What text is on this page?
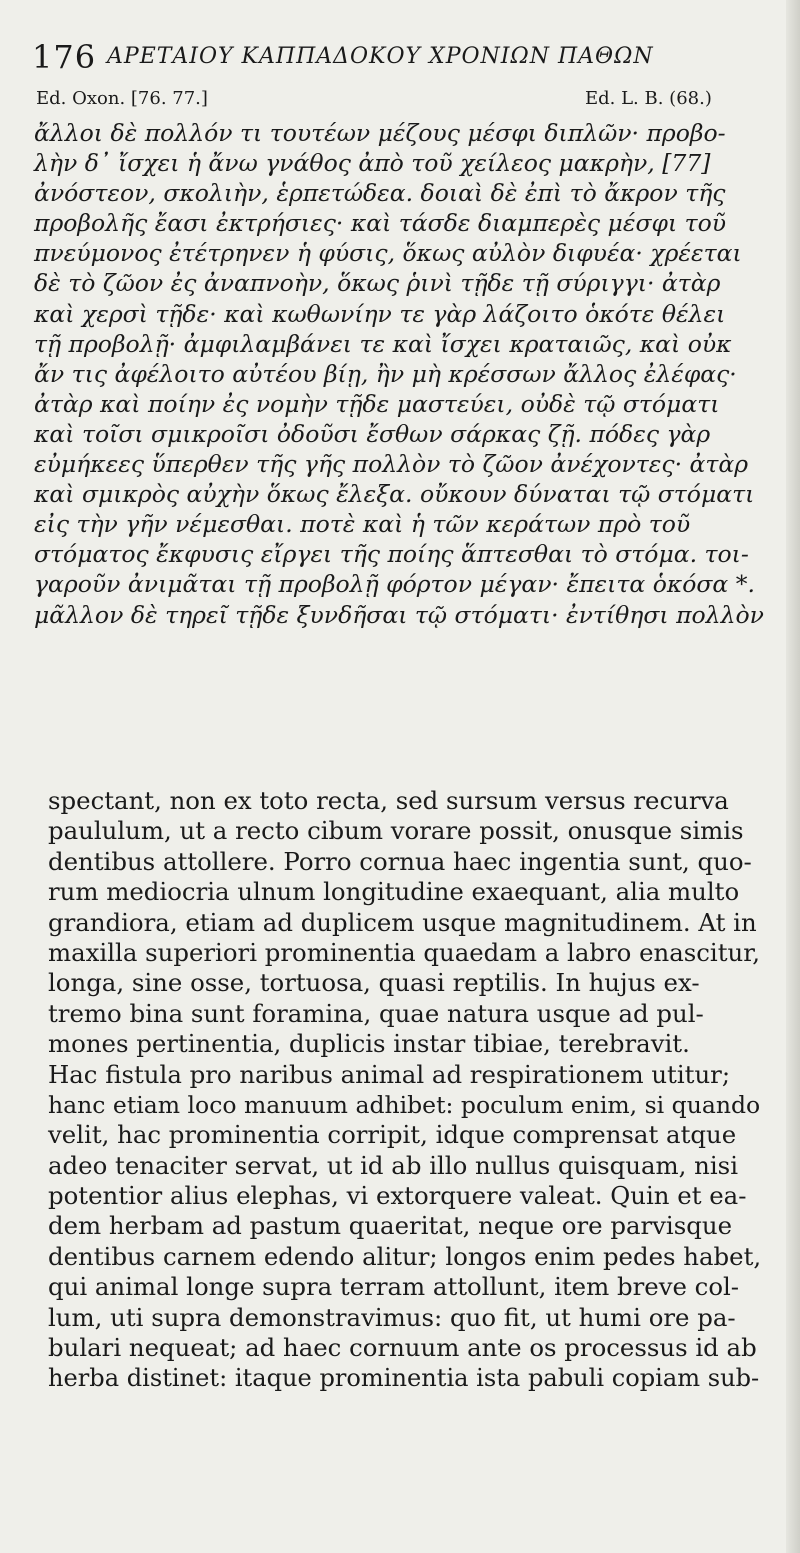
176 ΑΡΕΤΑΙΟΥ ΚΑΠΠΑΔΟΚΟΥ ΧΡΟΝΙΩΝ ΠΑΘΩΝ
Ed. Oxon. [76. 77.]	Ed. L. B. (68.)
ἄλλοι δὲ πολλόν τι τουτέων μέζους μέσφι διπλῶν· προβο-
λὴν δ᾽ ἴσχει ἡ ἄνω γνάθος ἀπὸ τοῦ χείλεος μακρὴν, [77]
ἀνόστεον, σκολιὴν, ἑρπετώδεα. δοιαὶ δὲ ἐπὶ τὸ ἄκρον τῆς
προβολῆς ἔασι ἐκτρήσιες· καὶ τάσδε διαμπερὲς μέσφι τοῦ
πνεύμονος ἐτέτρηνεν ἡ φύσις, ὅκως αὐλὸν διφυέα· χρέεται
δὲ τὸ ζῶον ἐς ἀναπνοὴν, ὅκως ῥινὶ τῇδε τῇ σύριγγι· ἀτὰρ
καὶ χερσὶ τῇδε· καὶ κωθωνίην τε γὰρ λάζοιτο ὁκότε θέλει
τῇ προβολῇ· ἀμφιλαμβάνει τε καὶ ἴσχει κραταιῶς, καὶ οὐκ
ἄν τις ἀφέλοιτο αὐτέου βίῃ, ἢν μὴ κρέσσων ἄλλος ἐλέφας·
ἀτὰρ καὶ ποίην ἐς νομὴν τῇδε μαστεύει, οὐδὲ τῷ στόματι
καὶ τοῖσι σμικροῖσι ὀδοῦσι ἔσθων σάρκας ζῇ. πόδες γὰρ
εὐμήκεες ὕπερθεν τῆς γῆς πολλὸν τὸ ζῶον ἀνέχοντες· ἀτὰρ
καὶ σμικρὸς αὐχὴν ὅκως ἔλεξα. οὔκουν δύναται τῷ στόματι
εἰς τὴν γῆν νέμεσθαι. ποτὲ καὶ ἡ τῶν κεράτων πρὸ τοῦ
στόματος ἔκφυσις εἴργει τῆς ποίης ἅπτεσθαι τὸ στόμα. τοι-
γαροῦν ἀνιμᾶται τῇ προβολῇ φόρτον μέγαν· ἔπειτα ὁκόσα *.
μᾶλλον δὲ τηρεῖ τῇδε ξυνδῆσαι τῷ στόματι· ἐντίθησι πολλὸν
spectant, non ex toto recta, sed sursum versus recurva
paululum, ut a recto cibum vorare possit, onusque simis
dentibus attollere. Porro cornua haec ingentia sunt, quo-
rum mediocria ulnum longitudine exaequant, alia multo
grandiora, etiam ad duplicem usque magnitudinem. At in
maxilla superiori prominentia quaedam a labro enascitur,
longa, sine osse, tortuosa, quasi reptilis. In hujus ex-
tremo bina sunt foramina, quae natura usque ad pul-
mones pertinentia, duplicis instar tibiae, terebravit.
Hac fistula pro naribus animal ad respirationem utitur;
hanc etiam loco manuum adhibet: poculum enim, si quando
velit, hac prominentia corripit, idque comprensat atque
adeo tenaciter servat, ut id ab illo nullus quisquam, nisi
potentior alius elephas, vi extorquere valeat. Quin et ea-
dem herbam ad pastum quaeritat, neque ore parvisque
dentibus carnem edendo alitur; longos enim pedes habet,
qui animal longe supra terram attollunt, item breve col-
lum, uti supra demonstravimus: quo fit, ut humi ore pa-
bulari nequeat; ad haec cornuum ante os processus id ab
herba distinet: itaque prominentia ista pabuli copiam sub-
